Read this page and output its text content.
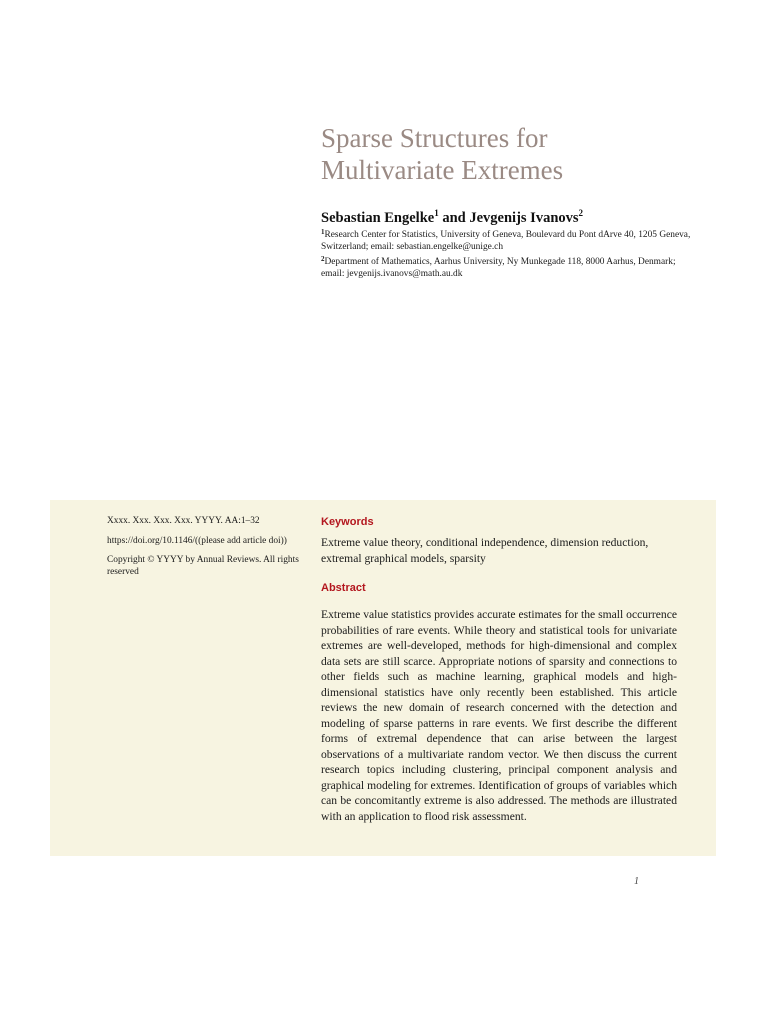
Sparse Structures for
Multivariate Extremes
Sebastian Engelke$^1$ and Jevgenijs Ivanovs$^2$
$^1$Research Center for Statistics, University of Geneva, Boulevard du Pont dArve 40, 1205 Geneva, Switzerland; email: sebastian.engelke@unige.ch
$^2$Department of Mathematics, Aarhus University, Ny Munkegade 118, 8000 Aarhus, Denmark; email: jevgenijs.ivanovs@math.au.dk
Xxxx. Xxx. Xxx. Xxx. YYYY. AA:1–32
https://doi.org/10.1146/((please add article doi))
Copyright © YYYY by Annual Reviews. All rights reserved
Keywords
Extreme value theory, conditional independence, dimension reduction, extremal graphical models, sparsity
Abstract
Extreme value statistics provides accurate estimates for the small occurrence probabilities of rare events. While theory and statistical tools for univariate extremes are well-developed, methods for high-dimensional and complex data sets are still scarce. Appropriate notions of sparsity and connections to other fields such as machine learning, graphical models and high-dimensional statistics have only recently been established. This article reviews the new domain of research concerned with the detection and modeling of sparse patterns in rare events. We first describe the different forms of extremal dependence that can arise between the largest observations of a multivariate random vector. We then discuss the current research topics including clustering, principal component analysis and graphical modeling for extremes. Identification of groups of variables which can be concomitantly extreme is also addressed. The methods are illustrated with an application to flood risk assessment.
1
